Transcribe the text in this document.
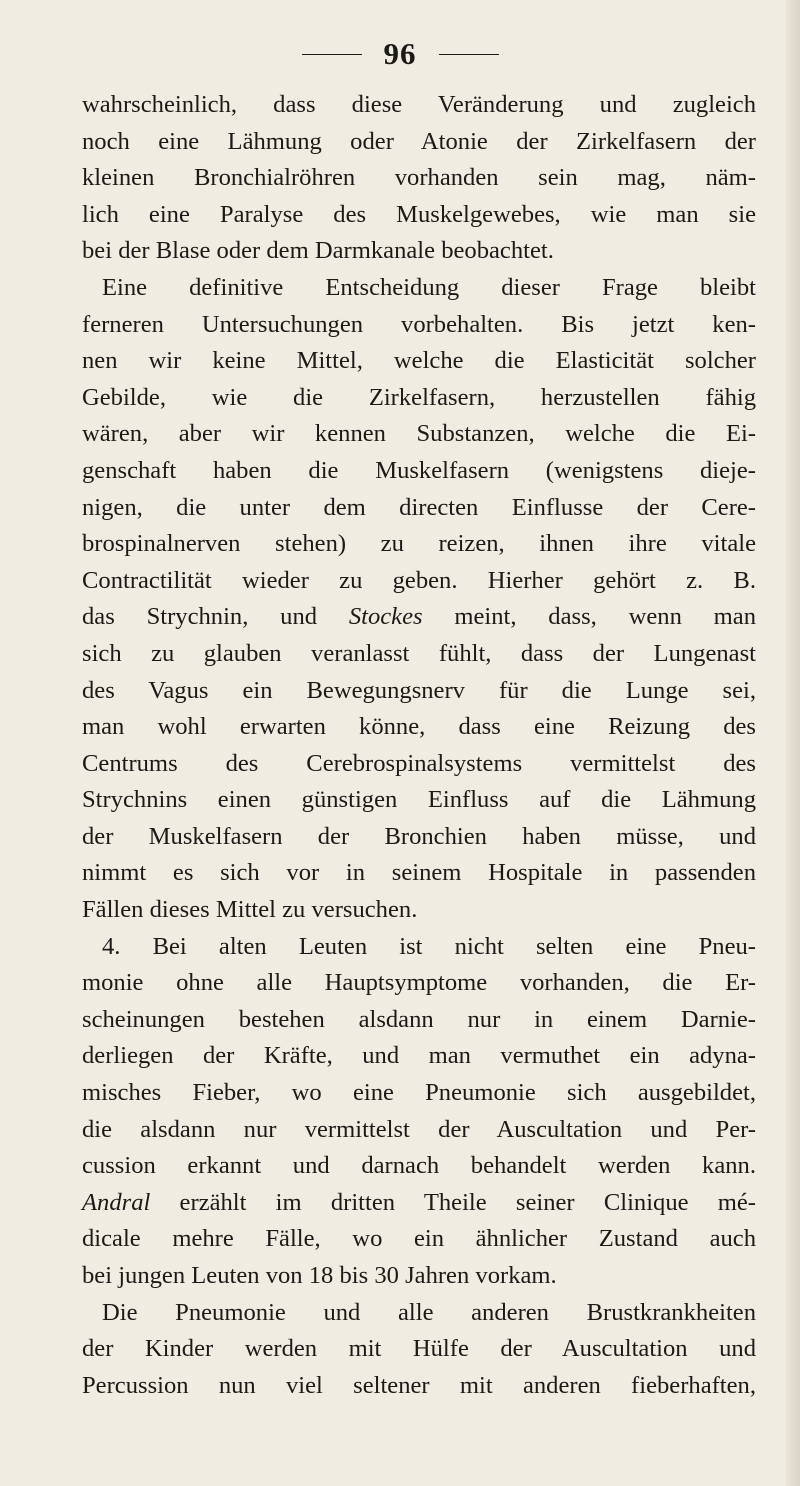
96
wahrscheinlich, dass diese Veränderung und zugleich
noch eine Lähmung oder Atonie der Zirkelfasern der
kleinen Bronchialröhren vorhanden sein mag, näm-
lich eine Paralyse des Muskelgewebes, wie man sie
bei der Blase oder dem Darmkanale beobachtet.
Eine definitive Entscheidung dieser Frage bleibt
ferneren Untersuchungen vorbehalten. Bis jetzt ken-
nen wir keine Mittel, welche die Elasticität solcher
Gebilde, wie die Zirkelfasern, herzustellen fähig
wären, aber wir kennen Substanzen, welche die Ei-
genschaft haben die Muskelfasern (wenigstens dieje-
nigen, die unter dem directen Einflusse der Cere-
brospinalnerven stehen) zu reizen, ihnen ihre vitale
Contractilität wieder zu geben. Hierher gehört z. B.
das Strychnin, und Stockes meint, dass, wenn man
sich zu glauben veranlasst fühlt, dass der Lungenast
des Vagus ein Bewegungsnerv für die Lunge sei,
man wohl erwarten könne, dass eine Reizung des
Centrums des Cerebrospinalsystems vermittelst des
Strychnins einen günstigen Einfluss auf die Lähmung
der Muskelfasern der Bronchien haben müsse, und
nimmt es sich vor in seinem Hospitale in passenden
Fällen dieses Mittel zu versuchen.
4. Bei alten Leuten ist nicht selten eine Pneu-
monie ohne alle Hauptsymptome vorhanden, die Er-
scheinungen bestehen alsdann nur in einem Darnie-
derliegen der Kräfte, und man vermuthet ein adyna-
misches Fieber, wo eine Pneumonie sich ausgebildet,
die alsdann nur vermittelst der Auscultation und Per-
cussion erkannt und darnach behandelt werden kann.
Andral erzählt im dritten Theile seiner Clinique mé-
dicale mehre Fälle, wo ein ähnlicher Zustand auch
bei jungen Leuten von 18 bis 30 Jahren vorkam.
Die Pneumonie und alle anderen Brustkrankheiten
der Kinder werden mit Hülfe der Auscultation und
Percussion nun viel seltener mit anderen fieberhaften,
